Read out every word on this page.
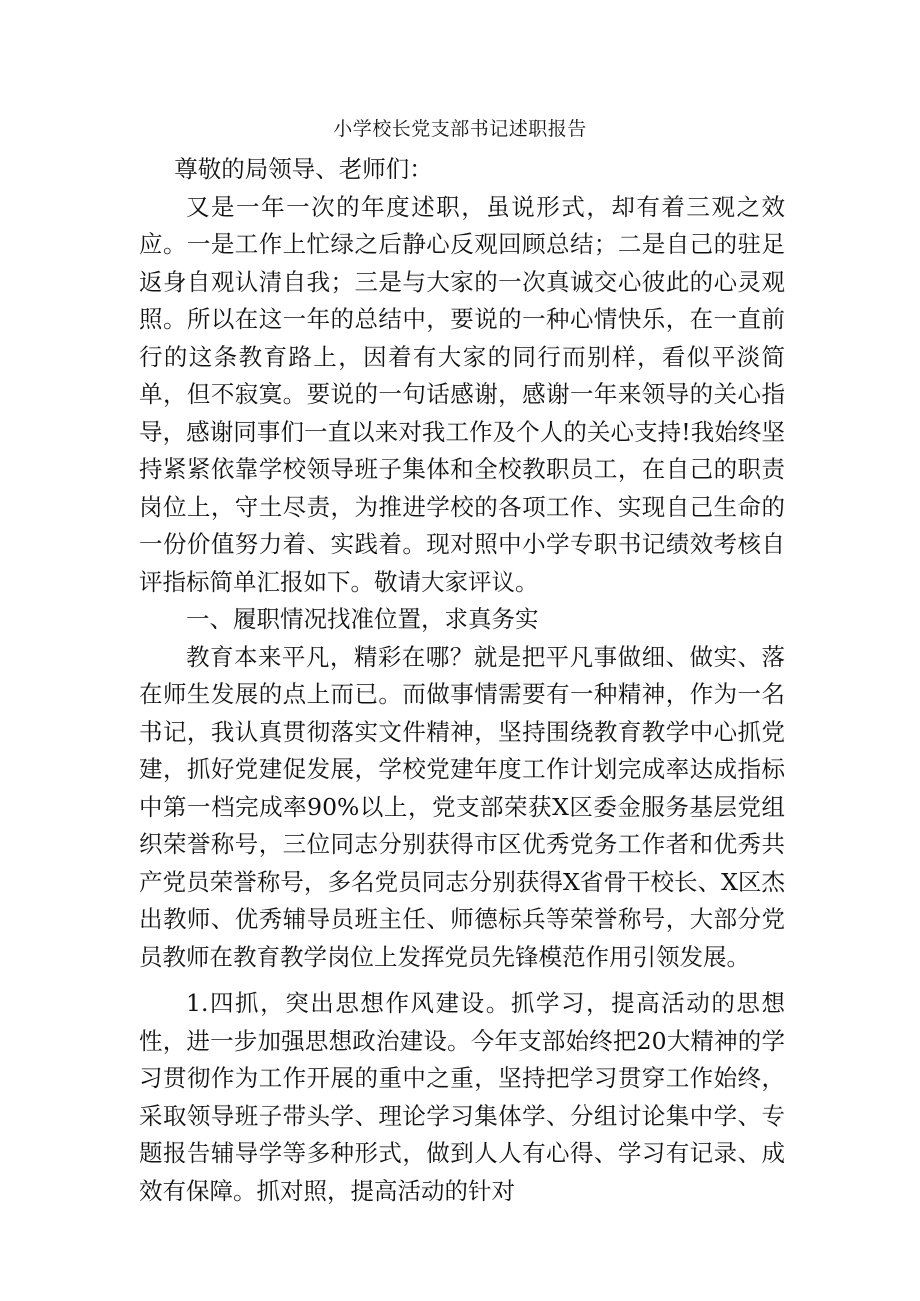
小学校长党支部书记述职报告

尊敬的局领导、老师们：

又是一年一次的年度述职，虽说形式，却有着三观之效应。一是工作上忙绿之后静心反观回顾总结；二是自己的驻足返身自观认清自我；三是与大家的一次真诚交心彼此的心灵观照。所以在这一年的总结中，要说的一种心情快乐，在一直前行的这条教育路上，因着有大家的同行而别样，看似平淡简单，但不寂寞。要说的一句话感谢，感谢一年来领导的关心指导，感谢同事们一直以来对我工作及个人的关心支持!我始终坚持紧紧依靠学校领导班子集体和全校教职员工，在自己的职责岗位上，守土尽责，为推进学校的各项工作、实现自己生命的一份价值努力着、实践着。现对照中小学专职书记绩效考核自评指标简单汇报如下。敬请大家评议。

一、履职情况找准位置，求真务实

教育本来平凡，精彩在哪？就是把平凡事做细、做实、落在师生发展的点上而已。而做事情需要有一种精神，作为一名书记，我认真贯彻落实文件精神，坚持围绕教育教学中心抓党建，抓好党建促发展，学校党建年度工作计划完成率达成指标中第一档完成率90%以上，党支部荣获X区委金服务基层党组织荣誉称号，三位同志分别获得市区优秀党务工作者和优秀共产党员荣誉称号，多名党员同志分别获得X省骨干校长、X区杰出教师、优秀辅导员班主任、师德标兵等荣誉称号，大部分党员教师在教育教学岗位上发挥党员先锋模范作用引领发展。

1.四抓，突出思想作风建设。抓学习，提高活动的思想性，进一步加强思想政治建设。今年支部始终把20大精神的学习贯彻作为工作开展的重中之重，坚持把学习贯穿工作始终，采取领导班子带头学、理论学习集体学、分组讨论集中学、专题报告辅导学等多种形式，做到人人有心得、学习有记录、成效有保障。抓对照，提高活动的针对
